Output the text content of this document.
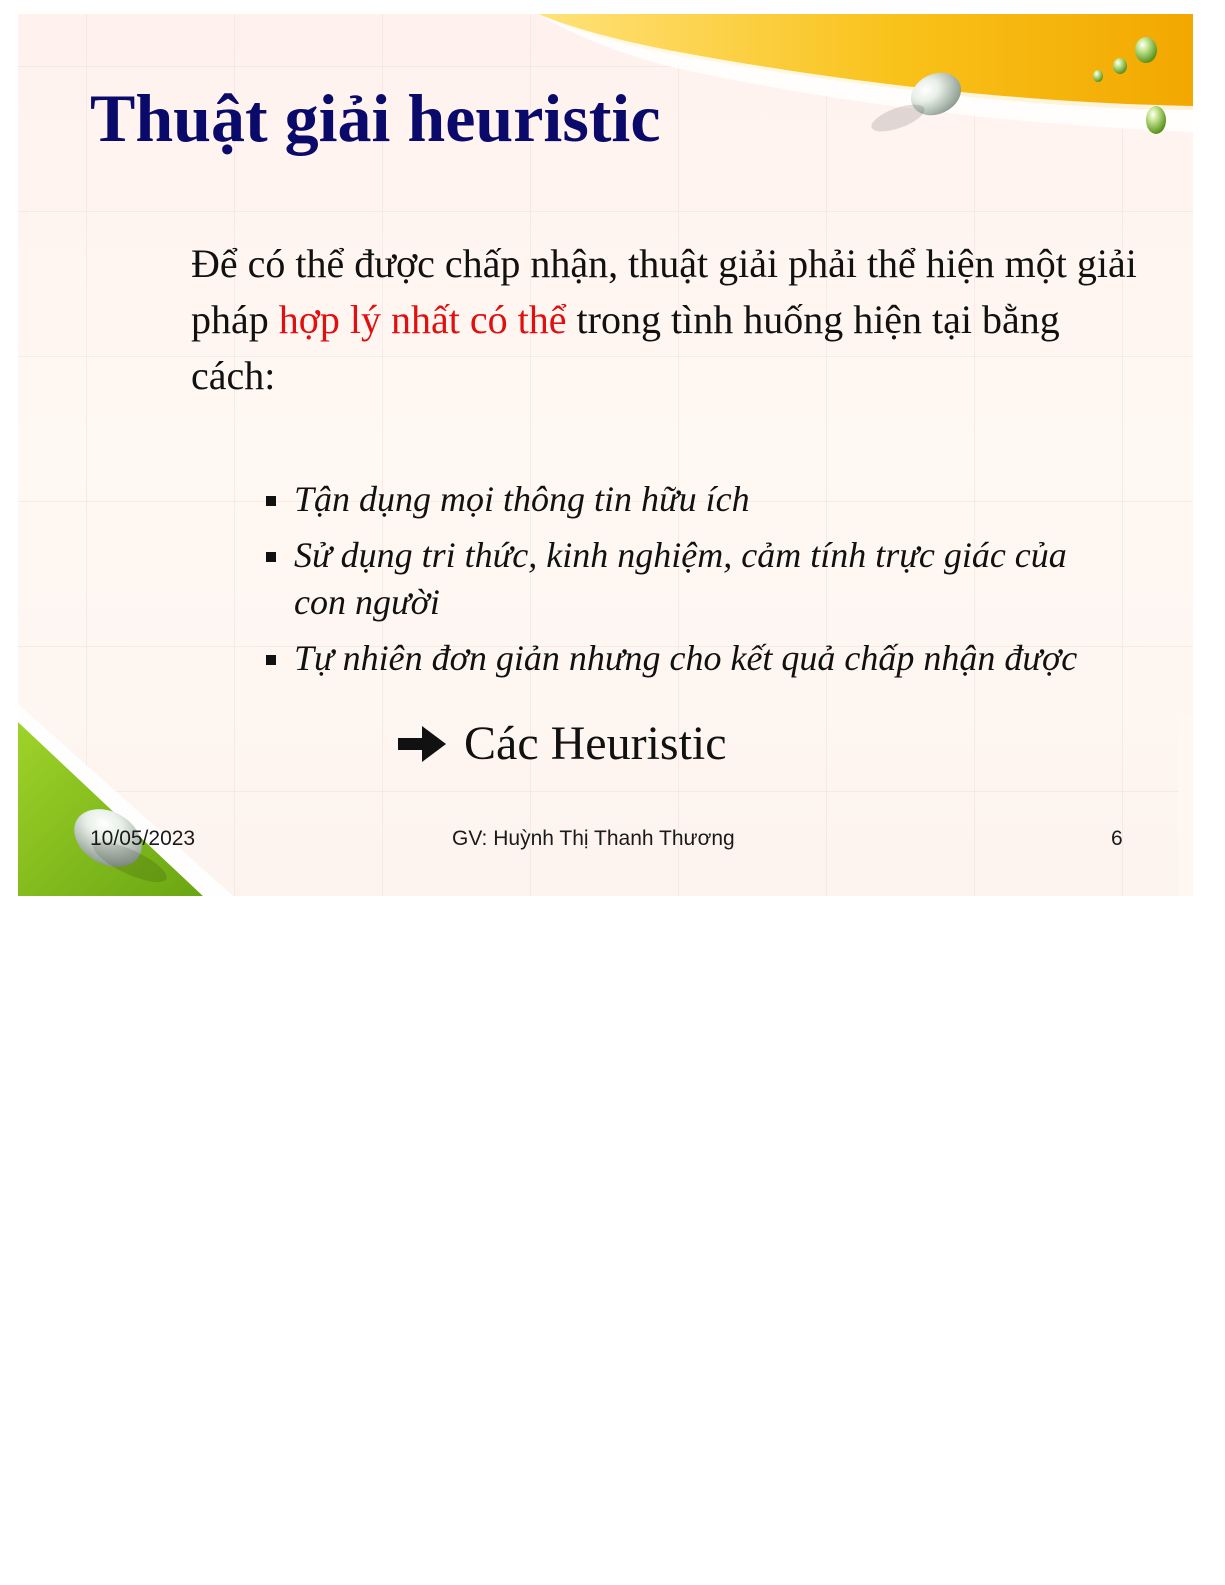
Thuật giải heuristic

Để có thể được chấp nhận, thuật giải phải thể hiện một giải pháp hợp lý nhất có thể trong tình huống hiện tại bằng cách:

Tận dụng mọi thông tin hữu ích
Sử dụng tri thức, kinh nghiệm, cảm tính trực giác của con người
Tự nhiên đơn giản nhưng cho kết quả chấp nhận được
Các Heuristic
10/05/2023	GV: Huỳnh Thị Thanh Thương	6
